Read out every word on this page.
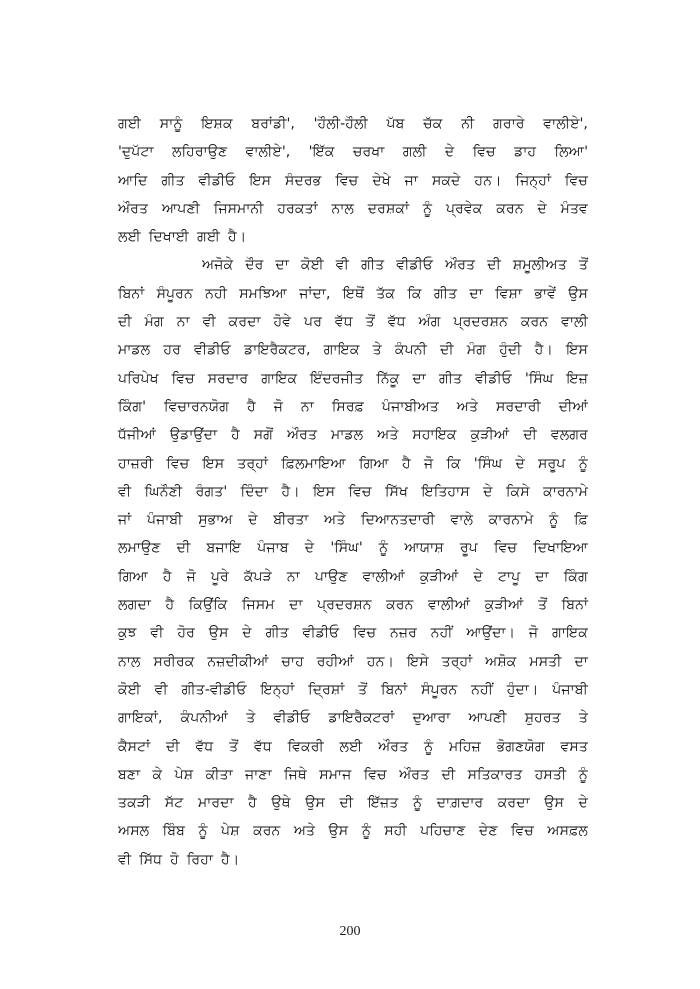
ਗਈ ਸਾਨੂੰ ਇਸ਼ਕ ਬਰਾਂਡੀ', 'ਹੌਲੀ-ਹੌਲੀ ਪੱਬ ਚੱਕ ਨੀ ਗਰਾਰੇ ਵਾਲੀਏ',
'ਦੁਪੱਟਾ ਲਹਿਰਾਉਣ ਵਾਲੀਏ', 'ਇੱਕ ਚਰਖਾ ਗਲੀ ਦੇ ਵਿਚ ਡਾਹ ਲਿਆ'
ਆਦਿ ਗੀਤ ਵੀਡੀਓ ਇਸ ਸੰਦਰਭ ਵਿਚ ਦੇਖੇ ਜਾ ਸਕਦੇ ਹਨ। ਜਿਨ੍ਹਾਂ ਵਿਚ
ਔਰਤ ਆਪਣੀ ਜਿਸਮਾਨੀ ਹਰਕਤਾਂ ਨਾਲ ਦਰਸ਼ਕਾਂ ਨੂੰ ਪ੍ਰਵੇਕ ਕਰਨ ਦੇ ਮੰਤਵ
ਲਈ ਦਿਖਾਈ ਗਈ ਹੈ।
ਅਜੋਕੇ ਦੌਰ ਦਾ ਕੋਈ ਵੀ ਗੀਤ ਵੀਡੀਓ ਔਰਤ ਦੀ ਸ਼ਮੂਲੀਅਤ ਤੋਂ
ਬਿਨਾਂ ਸੰਪੂਰਨ ਨਹੀ ਸਮਝਿਆ ਜਾਂਦਾ, ਇਥੋਂ ਤੱਕ ਕਿ ਗੀਤ ਦਾ ਵਿਸ਼ਾ ਭਾਵੇਂ ਉਸ
ਦੀ ਮੰਗ ਨਾ ਵੀ ਕਰਦਾ ਹੋਵੇ ਪਰ ਵੱਧ ਤੋਂ ਵੱਧ ਅੰਗ ਪ੍ਰਦਰਸ਼ਨ ਕਰਨ ਵਾਲੀ
ਮਾਡਲ ਹਰ ਵੀਡੀਓ ਡਾਇਰੈਕਟਰ, ਗਾਇਕ ਤੇ ਕੰਪਨੀ ਦੀ ਮੰਗ ਹੁੰਦੀ ਹੈ। ਇਸ
ਪਰਿਪੇਖ ਵਿਚ ਸਰਦਾਰ ਗਾਇਕ ਇੰਦਰਜੀਤ ਨਿੱਕੂ ਦਾ ਗੀਤ ਵੀਡੀਓ 'ਸਿੰਘ ਇਜ਼
ਕਿੰਗ' ਵਿਚਾਰਨਯੋਗ ਹੈ ਜੋ ਨਾ ਸਿਰਫ਼ ਪੰਜਾਬੀਅਤ ਅਤੇ ਸਰਦਾਰੀ ਦੀਆਂ
ਧੱਜੀਆਂ ਉਡਾਉਂਦਾ ਹੈ ਸਗੋਂ ਔਰਤ ਮਾਡਲ ਅਤੇ ਸਹਾਇਕ ਕੁੜੀਆਂ ਦੀ ਵਲਗਰ
ਹਾਜ਼ਰੀ ਵਿਚ ਇਸ ਤਰ੍ਹਾਂ ਫ਼ਿਲਮਾਇਆ ਗਿਆ ਹੈ ਜੋ ਕਿ 'ਸਿੰਘ ਦੇ ਸਰੂਪ ਨੂੰ
ਵੀ ਘਿਨੌਣੀ ਰੰਗਤ' ਦਿੰਦਾ ਹੈ। ਇਸ ਵਿਚ ਸਿੱਖ ਇਤਿਹਾਸ ਦੇ ਕਿਸੇ ਕਾਰਨਾਮੇ
ਜਾਂ ਪੰਜਾਬੀ ਸੁਭਾਅ ਦੇ ਬੀਰਤਾ ਅਤੇ ਦਿਆਨਤਦਾਰੀ ਵਾਲੇ ਕਾਰਨਾਮੇ ਨੂੰ ਫ਼ਿ
ਲਮਾਉਣ ਦੀ ਬਜਾਇ ਪੰਜਾਬ ਦੇ 'ਸਿੰਘ' ਨੂੰ ਆਯਾਸ਼ ਰੂਪ ਵਿਚ ਦਿਖਾਇਆ
ਗਿਆ ਹੈ ਜੋ ਪੂਰੇ ਕੱਪੜੇ ਨਾ ਪਾਉਣ ਵਾਲੀਆਂ ਕੁੜੀਆਂ ਦੇ ਟਾਪੂ ਦਾ ਕਿੰਗ
ਲਗਦਾ ਹੈ ਕਿਉਂਕਿ ਜਿਸਮ ਦਾ ਪ੍ਰਦਰਸ਼ਨ ਕਰਨ ਵਾਲੀਆਂ ਕੁੜੀਆਂ ਤੋਂ ਬਿਨਾਂ
ਕੁਝ ਵੀ ਹੋਰ ਉਸ ਦੇ ਗੀਤ ਵੀਡੀਓ ਵਿਚ ਨਜ਼ਰ ਨਹੀਂ ਆਉਂਦਾ। ਜੋ ਗਾਇਕ
ਨਾਲ ਸਰੀਰਕ ਨਜ਼ਦੀਕੀਆਂ ਚਾਹ ਰਹੀਆਂ ਹਨ। ਇਸੇ ਤਰ੍ਹਾਂ ਅਸ਼ੋਕ ਮਸਤੀ ਦਾ
ਕੋਈ ਵੀ ਗੀਤ-ਵੀਡੀਓ ਇਨ੍ਹਾਂ ਦ੍ਰਿਸ਼ਾਂ ਤੋਂ ਬਿਨਾਂ ਸੰਪੂਰਨ ਨਹੀਂ ਹੁੰਦਾ। ਪੰਜਾਬੀ
ਗਾਇਕਾਂ, ਕੰਪਨੀਆਂ ਤੇ ਵੀਡੀਓ ਡਾਇਰੈਕਟਰਾਂ ਦੁਆਰਾ ਆਪਣੀ ਸ਼ੁਹਰਤ ਤੇ
ਕੈਸਟਾਂ ਦੀ ਵੱਧ ਤੋਂ ਵੱਧ ਵਿਕਰੀ ਲਈ ਔਰਤ ਨੂੰ ਮਹਿਜ਼ ਭੋਗਣਯੋਗ ਵਸਤ
ਬਣਾ ਕੇ ਪੇਸ਼ ਕੀਤਾ ਜਾਣਾ ਜਿਥੇ ਸਮਾਜ ਵਿਚ ਔਰਤ ਦੀ ਸਤਿਕਾਰਤ ਹਸਤੀ ਨੂੰ
ਤਕੜੀ ਸੱਟ ਮਾਰਦਾ ਹੈ ਉਥੇ ਉਸ ਦੀ ਇੱਜ਼ਤ ਨੂੰ ਦਾਗ਼ਦਾਰ ਕਰਦਾ ਉਸ ਦੇ
ਅਸਲ ਬਿੰਬ ਨੂੰ ਪੇਸ਼ ਕਰਨ ਅਤੇ ਉਸ ਨੂੰ ਸਹੀ ਪਹਿਚਾਣ ਦੇਣ ਵਿਚ ਅਸਫ਼ਲ
ਵੀ ਸਿੱਧ ਹੋ ਰਿਹਾ ਹੈ।
200
